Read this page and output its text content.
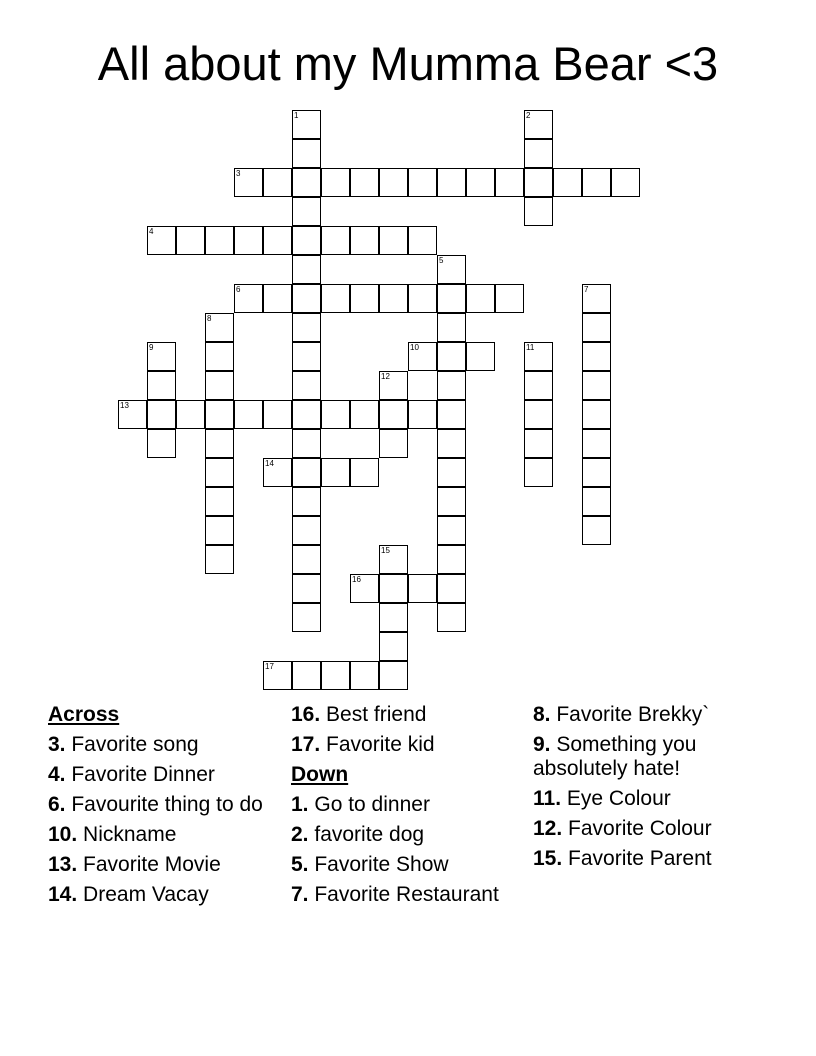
All about my Mumma Bear <3
3
4
6
10
13
14
16
17
1	2
5
7
8
9	11
12
15
Across
3. Favorite song
4. Favorite Dinner
6. Favourite thing to do
10. Nickname
13. Favorite Movie
14. Dream Vacay
16. Best friend
17. Favorite kid
Down
1. Go to dinner
2. favorite dog
5. Favorite Show
7. Favorite Restaurant
8. Favorite Brekky`
9. Something you absolutely hate!
11. Eye Colour
12. Favorite Colour
15. Favorite Parent
